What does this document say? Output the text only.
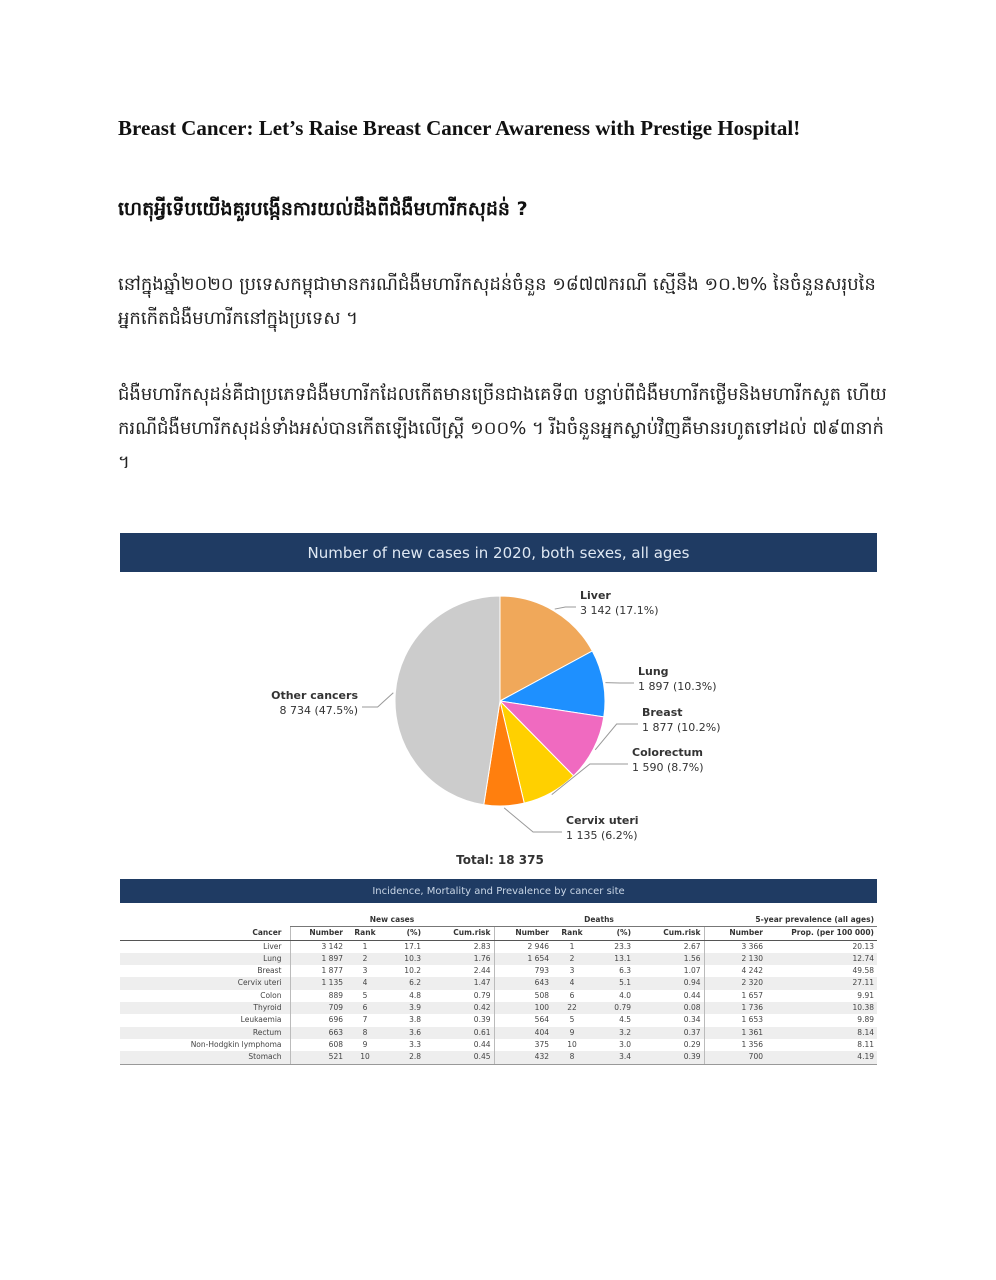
Breast Cancer: Let’s Raise Breast Cancer Awareness with Prestige Hospital!
ហេតុអ្វីទើបយើងគួរបង្កើនការយល់ដឹងពីជំងឺមហារីកសុដន់ ?
នៅក្នុងឆ្នាំ២០២០ ប្រទេសកម្ពុជាមានករណីជំងឺមហារីកសុដន់ចំនួន ១៨៧៧ករណី ស្មើនឹង ១០.២% នៃចំនួនសរុបនៃអ្នកកើតជំងឺមហារីកនៅក្នុងប្រទេស ។
ជំងឺមហារីកសុដន់គឺជាប្រភេទជំងឺមហារីកដែលកើតមានច្រើនជាងគេទី៣ បន្ទាប់ពីជំងឺមហារីកថ្លើមនិងមហារីកសួត ហើយករណីជំងឺមហារីកសុដន់ទាំងអស់បានកើតឡើងលើស្ត្រី ១០០% ។ រីឯចំនួនអ្នកស្លាប់វិញគឺមានរហូតទៅដល់ ៧៩៣នាក់ ។
Number of new cases in 2020, both sexes, all ages
Liver
3 142 (17.1%)
Lung
1 897 (10.3%)
Breast
1 877 (10.2%)
Colorectum
1 590 (8.7%)
Cervix uteri
1 135 (6.2%)
Other cancers
8 734 (47.5%)
Total: 18 375
Incidence, Mortality and Prevalence by cancer site
	New cases				Deaths				5-year prevalence (all ages)	
Cancer	Number	Rank	(%)	Cum.risk	Number	Rank	(%)	Cum.risk	Number	Prop. (per 100 000)
Liver	3 142	1	17.1	2.83	2 946	1	23.3	2.67	3 366	20.13
Lung	1 897	2	10.3	1.76	1 654	2	13.1	1.56	2 130	12.74
Breast	1 877	3	10.2	2.44	793	3	6.3	1.07	4 242	49.58
Cervix uteri	1 135	4	6.2	1.47	643	4	5.1	0.94	2 320	27.11
Colon	889	5	4.8	0.79	508	6	4.0	0.44	1 657	9.91
Thyroid	709	6	3.9	0.42	100	22	0.79	0.08	1 736	10.38
Leukaemia	696	7	3.8	0.39	564	5	4.5	0.34	1 653	9.89
Rectum	663	8	3.6	0.61	404	9	3.2	0.37	1 361	8.14
Non-Hodgkin lymphoma	608	9	3.3	0.44	375	10	3.0	0.29	1 356	8.11
Stomach	521	10	2.8	0.45	432	8	3.4	0.39	700	4.19
